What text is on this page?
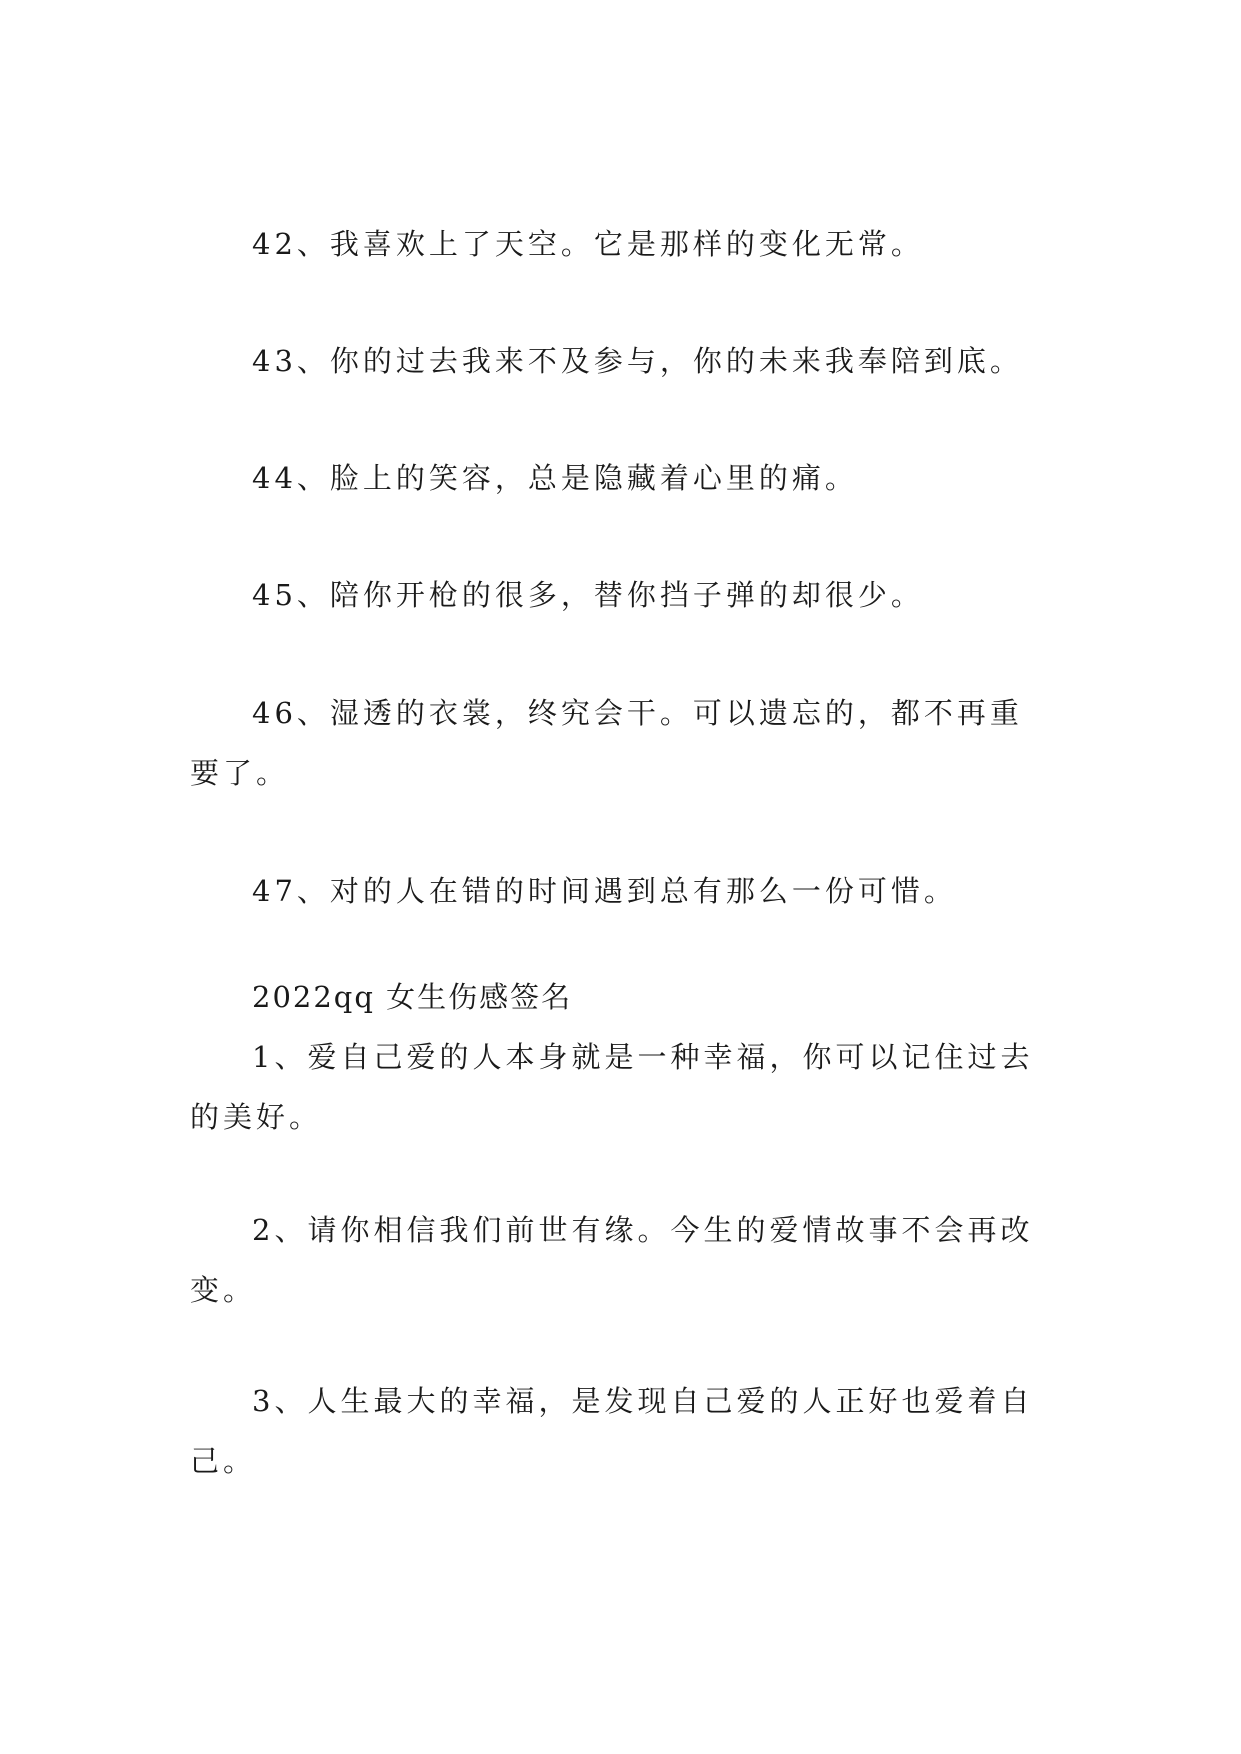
42、我喜欢上了天空。它是那样的变化无常。

43、你的过去我来不及参与，你的未来我奉陪到底。

44、脸上的笑容，总是隐藏着心里的痛。

45、陪你开枪的很多，替你挡子弹的却很少。

46、湿透的衣裳，终究会干。可以遗忘的，都不再重要了。

47、对的人在错的时间遇到总有那么一份可惜。

2022qq 女生伤感签名

1、爱自己爱的人本身就是一种幸福，你可以记住过去的美好。

2、请你相信我们前世有缘。今生的爱情故事不会再改变。

3、人生最大的幸福，是发现自己爱的人正好也爱着自己。
